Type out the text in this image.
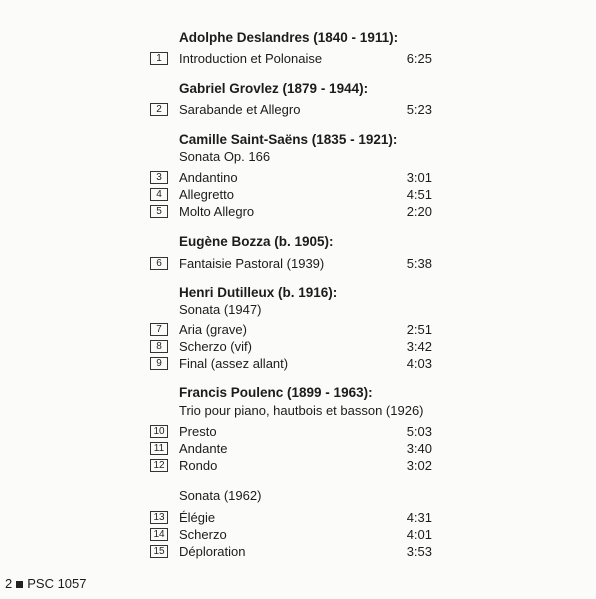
Adolphe Deslandres (1840 - 1911):
Gabriel Grovlez (1879 - 1944):
Camille Saint-Saëns (1835 - 1921):
Eugène Bozza (b. 1905):
Henri Dutilleux (b. 1916):
Francis Poulenc (1899 - 1963):
Sonata Op. 166
Sonata (1947)
Trio pour piano, hautbois et basson (1926)
Sonata (1962)
1	Introduction et Polonaise	6:25
2	Sarabande et Allegro	5:23
3	Andantino	3:01
4	Allegretto	4:51
5	Molto Allegro	2:20
6	Fantaisie Pastoral (1939)	5:38
7	Aria (grave)	2:51
8	Scherzo (vif)	3:42
9	Final (assez allant)	4:03
10 Presto	5:03
11 Andante	3:40
12 Rondo	3:02
13 Élégie	4:31
14 Scherzo	4:01
15 Déploration	3:53
2 PSC 1057
